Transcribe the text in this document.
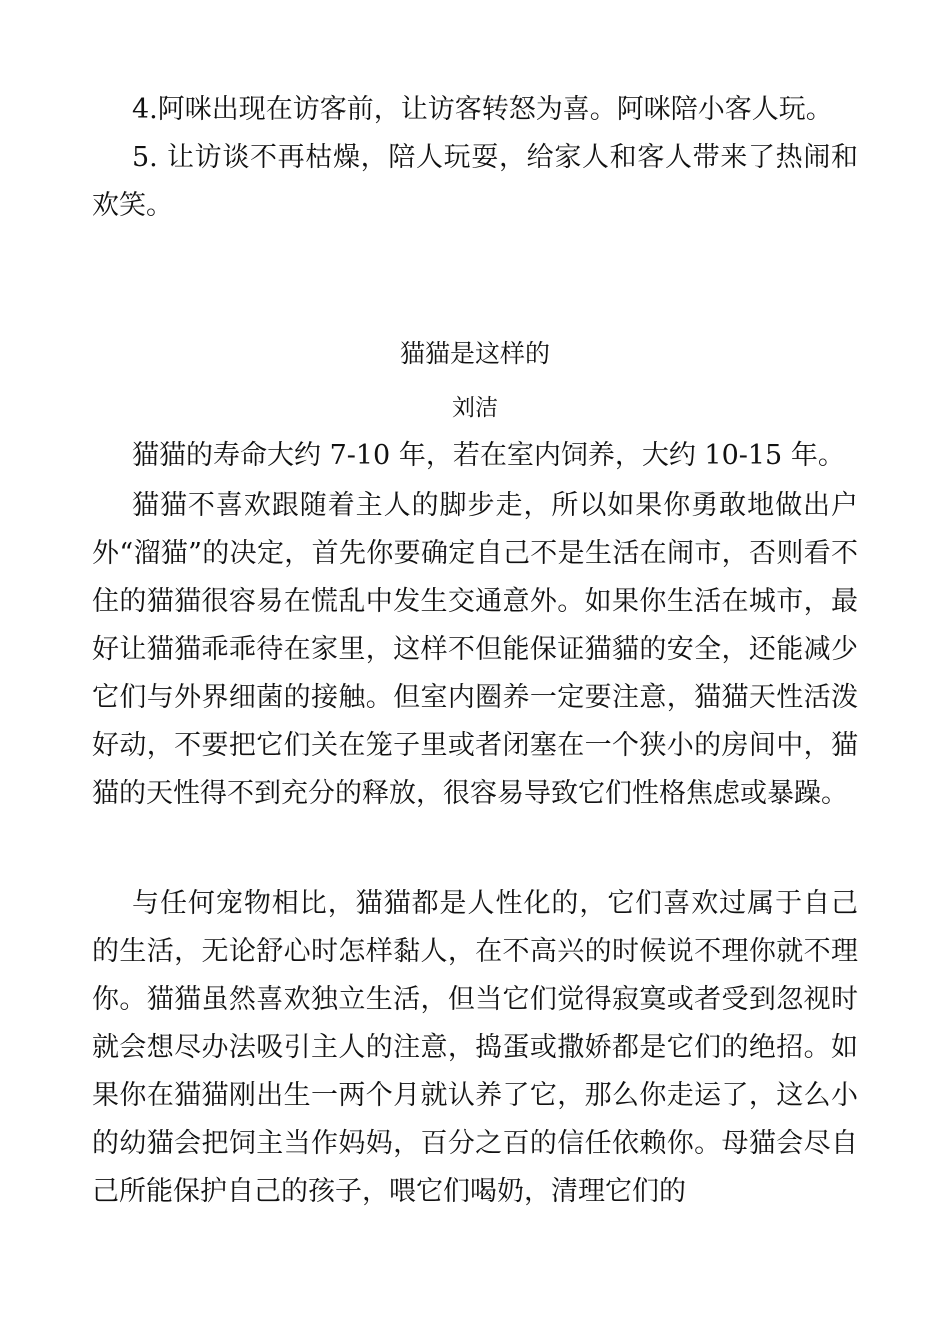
4.阿咪出现在访客前，让访客转怒为喜。阿咪陪小客人玩。

5. 让访谈不再枯燥，陪人玩耍，给家人和客人带来了热闹和欢笑。

猫猫是这样的
刘洁

猫猫的寿命大约 7-10 年，若在室内饲养，大约 10-15 年。

猫猫不喜欢跟随着主人的脚步走，所以如果你勇敢地做出户外“溜猫”的决定，首先你要确定自己不是生活在闹市，否则看不住的猫猫很容易在慌乱中发生交通意外。如果你生活在城市，最好让猫猫乖乖待在家里，这样不但能保证猫貓的安全，还能减少它们与外界细菌的接触。但室内圈养一定要注意，猫猫天性活泼好动，不要把它们关在笼子里或者闭塞在一个狭小的房间中，猫猫的天性得不到充分的释放，很容易导致它们性格焦虑或暴躁。

与任何宠物相比，猫猫都是人性化的，它们喜欢过属于自己的生活，无论舒心时怎样黏人，在不高兴的时候说不理你就不理你。猫猫虽然喜欢独立生活，但当它们觉得寂寞或者受到忽视时就会想尽办法吸引主人的注意，捣蛋或撒娇都是它们的绝招。如果你在猫猫刚出生一两个月就认养了它，那么你走运了，这么小的幼猫会把饲主当作妈妈，百分之百的信任依赖你。母猫会尽自己所能保护自己的孩子，喂它们喝奶，清理它们的
